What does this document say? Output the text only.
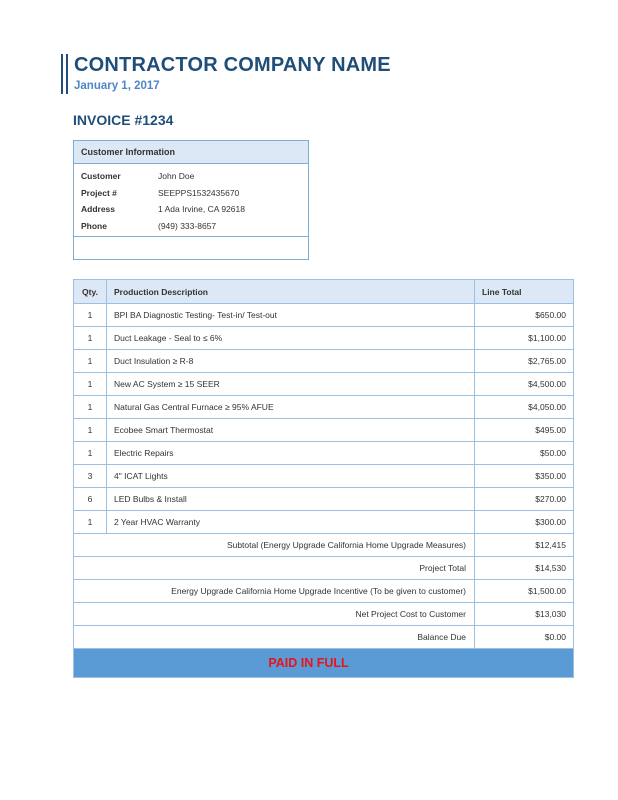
CONTRACTOR COMPANY NAME
January 1, 2017
INVOICE #1234
Customer Information
Customer	John Doe
Project #	SEEPPS1532435670
Address	1 Ada Irvine, CA 92618
Phone	(949) 333-8657
Qty.	Production Description	Line Total
1	BPI BA Diagnostic Testing- Test-in/ Test-out	$650.00
1	Duct Leakage - Seal to ≤ 6%	$1,100.00
1	Duct Insulation ≥ R-8	$2,765.00
1	New AC System ≥ 15 SEER	$4,500.00
1	Natural Gas Central Furnace ≥ 95% AFUE	$4,050.00
1	Ecobee Smart Thermostat	$495.00
1	Electric Repairs	$50.00
3	4" ICAT Lights	$350.00
6	LED Bulbs & Install	$270.00
1	2 Year HVAC Warranty	$300.00
Subtotal (Energy Upgrade California Home Upgrade Measures)		$12,415
Project Total		$14,530
Energy Upgrade California Home Upgrade Incentive (To be given to customer)		$1,500.00
Net Project Cost to Customer		$13,030
Balance Due		$0.00
PAID IN FULL		
